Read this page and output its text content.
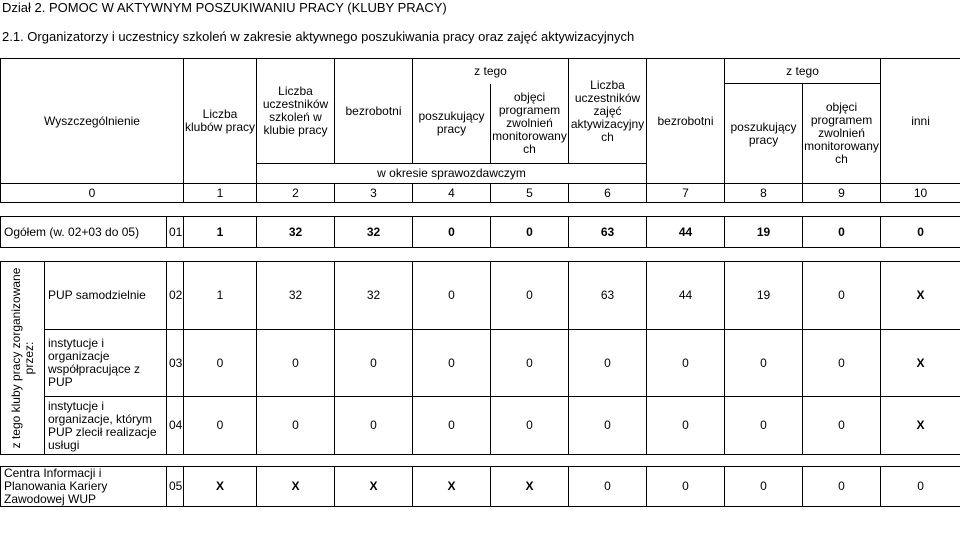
Dział 2. POMOC W AKTYWNYM POSZUKIWANIU PRACY (KLUBY PRACY)
2.1. Organizatorzy i uczestnicy szkoleń w zakresie aktywnego poszukiwania pracy oraz zajęć aktywizacyjnych
Wyszczególnienie			Liczba klubów pracy	Liczba uczestników szkoleń w klubie pracy	bezrobotni	z tego		Liczba uczestników zajęć aktywizacyjny ch	bezrobotni	z tego		inni
						poszukujący pracy	objęci programem zwolnień monitorowany ch			poszukujący pracy	objęci programem zwolnień monitorowany ch	
				w okresie sprawozdawczym								
0			1	2	3	4	5	6	7	8	9	10

Ogółem (w. 02+03 do 05)		01	1	32	32	0	0	63	44	19	0	0

z tego kluby pracy zorganizowane przez:	PUP samodzielnie	02	1	32	32	0	0	63	44	19	0	X
	instytucje i organizacje współpracujące z PUP	03	0	0	0	0	0	0	0	0	0	X
	instytucje i organizacje, którym PUP zlecił realizacje usługi	04	0	0	0	0	0	0	0	0	0	X

Centra Informacji i Planowania Kariery Zawodowej WUP		05	X	X	X	X	X	0	0	0	0	0
